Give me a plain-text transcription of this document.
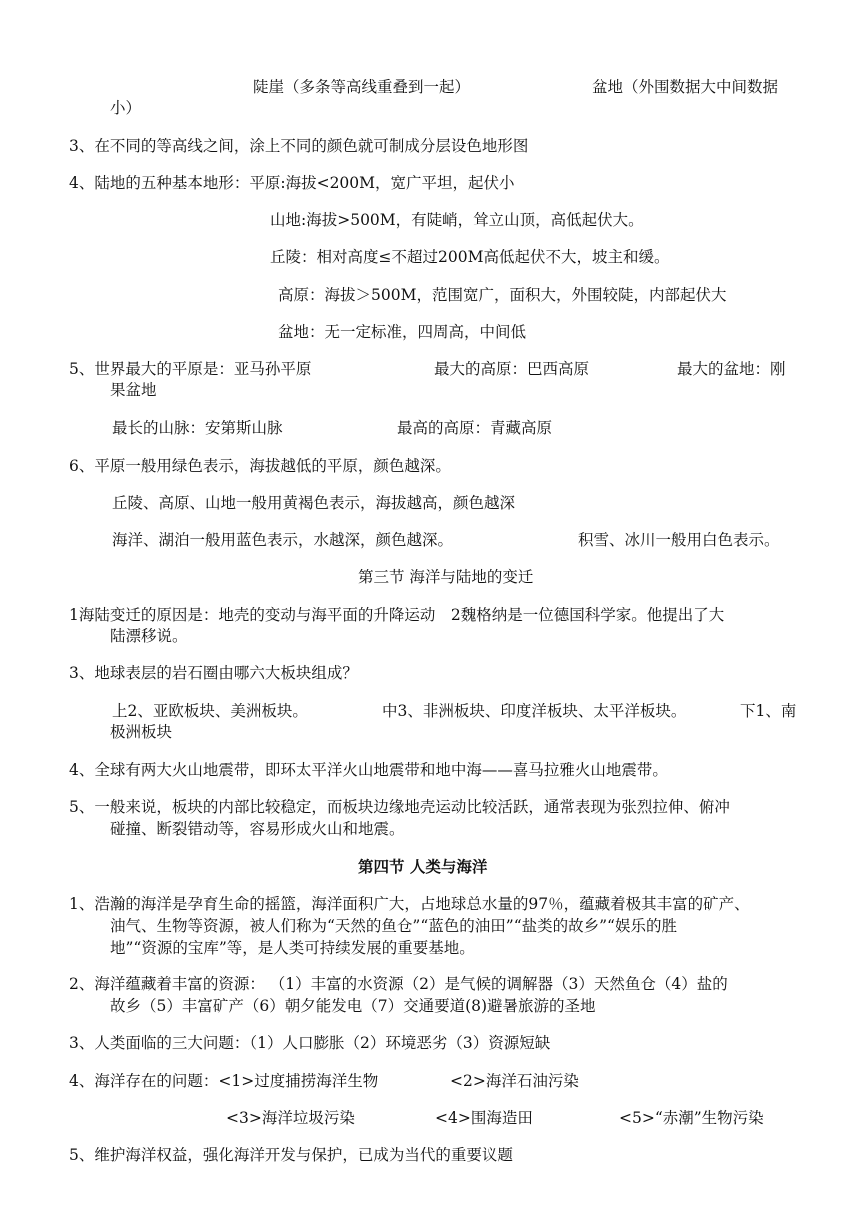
陡崖（多条等高线重叠到一起）	盆地（外围数据大中间数据
小）
3、在不同的等高线之间，涂上不同的颜色就可制成分层设色地形图
4、陆地的五种基本地形：平原:海拔<200M，宽广平坦，起伏小
山地:海拔>500M，有陡峭，耸立山顶，高低起伏大。
丘陵：相对高度≤不超过200M高低起伏不大，坡主和缓。
高原：海拔＞500M，范围宽广，面积大，外围较陡，内部起伏大
盆地：无一定标准，四周高，中间低
5、世界最大的平原是：亚马孙平原	最大的高原：巴西高原	最大的盆地：刚
果盆地
最长的山脉：安第斯山脉	最高的高原：青藏高原
6、平原一般用绿色表示，海拔越低的平原，颜色越深。
丘陵、高原、山地一般用黄褐色表示，海拔越高，颜色越深
海洋、湖泊一般用蓝色表示，水越深，颜色越深。	积雪、冰川一般用白色表示。
第三节 海洋与陆地的变迁
1海陆变迁的原因是：地壳的变动与海平面的升降运动　2魏格纳是一位德国科学家。他提出了大
陆漂移说。
3、地球表层的岩石圈由哪六大板块组成？
上2、亚欧板块、美洲板块。	中3、非洲板块、印度洋板块、太平洋板块。	下1、南
极洲板块
4、全球有两大火山地震带，即环太平洋火山地震带和地中海——喜马拉雅火山地震带。
5、一般来说，板块的内部比较稳定，而板块边缘地壳运动比较活跃，通常表现为张烈拉伸、俯冲
碰撞、断裂错动等，容易形成火山和地震。
第四节 人类与海洋
1、浩瀚的海洋是孕育生命的摇篮，海洋面积广大，占地球总水量的97％，蕴藏着极其丰富的矿产、
油气、生物等资源，被人们称为“天然的鱼仓”“蓝色的油田”“盐类的故乡”“娱乐的胜
地”“资源的宝库”等，是人类可持续发展的重要基地。
2、海洋蕴藏着丰富的资源： （1）丰富的水资源（2）是气候的调解器（3）天然鱼仓（4）盐的
故乡（5）丰富矿产（6）朝夕能发电（7）交通要道(8)避暑旅游的圣地
3、人类面临的三大问题：（1）人口膨胀（2）环境恶劣（3）资源短缺
4、海洋存在的问题：<1>过度捕捞海洋生物	<2>海洋石油污染
<3>海洋垃圾污染	<4>围海造田	<5>“赤潮”生物污染
5、维护海洋权益，强化海洋开发与保护，已成为当代的重要议题
